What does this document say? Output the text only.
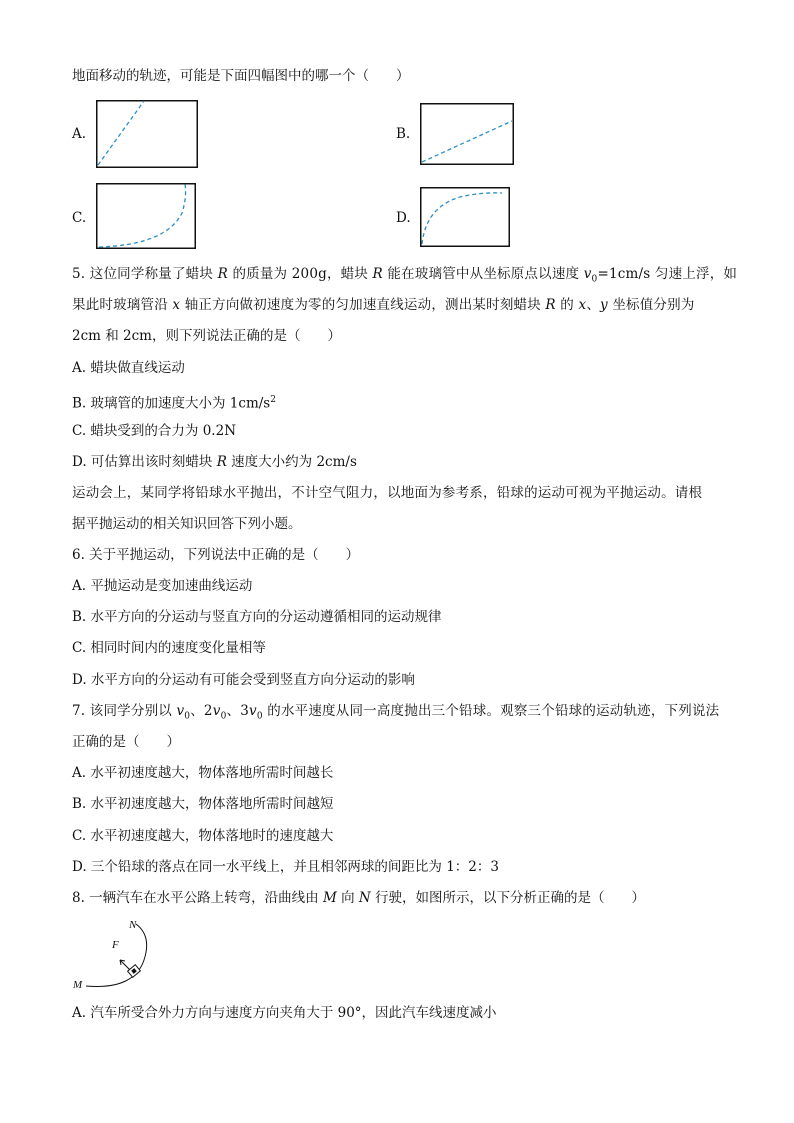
地面移动的轨迹，可能是下面四幅图中的哪一个（　　）
A.	B.
C.	D.
5. 这位同学称量了蜡块 R 的质量为 200g，蜡块 R 能在玻璃管中从坐标原点以速度 $v_0=1cm/s$ 匀速上浮，如
果此时玻璃管沿 x 轴正方向做初速度为零的匀加速直线运动，测出某时刻蜡块 R 的 x、y 坐标值分别为
2cm 和 2cm，则下列说法正确的是（　　）
A. 蜡块做直线运动
B. 玻璃管的加速度大小为 $1cm/s^2$
C. 蜡块受到的合力为 0.2N
D. 可估算出该时刻蜡块 R 速度大小约为 2cm/s
运动会上，某同学将铅球水平抛出，不计空气阻力，以地面为参考系，铅球的运动可视为平抛运动。请根
据平抛运动的相关知识回答下列小题。
6. 关于平抛运动，下列说法中正确的是（　　）
A. 平抛运动是变加速曲线运动
B. 水平方向的分运动与竖直方向的分运动遵循相同的运动规律
C. 相同时间内的速度变化量相等
D. 水平方向的分运动有可能会受到竖直方向分运动的影响
7. 该同学分别以 $v_0$、$2v_0$、$3v_0$ 的水平速度从同一高度抛出三个铅球。观察三个铅球的运动轨迹，下列说法
正确的是（　　）
A. 水平初速度越大，物体落地所需时间越长
B. 水平初速度越大，物体落地所需时间越短
C. 水平初速度越大，物体落地时的速度越大
D. 三个铅球的落点在同一水平线上，并且相邻两球的间距比为 1：2：3
8. 一辆汽车在水平公路上转弯，沿曲线由 M 向 N 行驶，如图所示，以下分析正确的是（　　）
N
F
M
A. 汽车所受合外力方向与速度方向夹角大于 90°，因此汽车线速度减小
